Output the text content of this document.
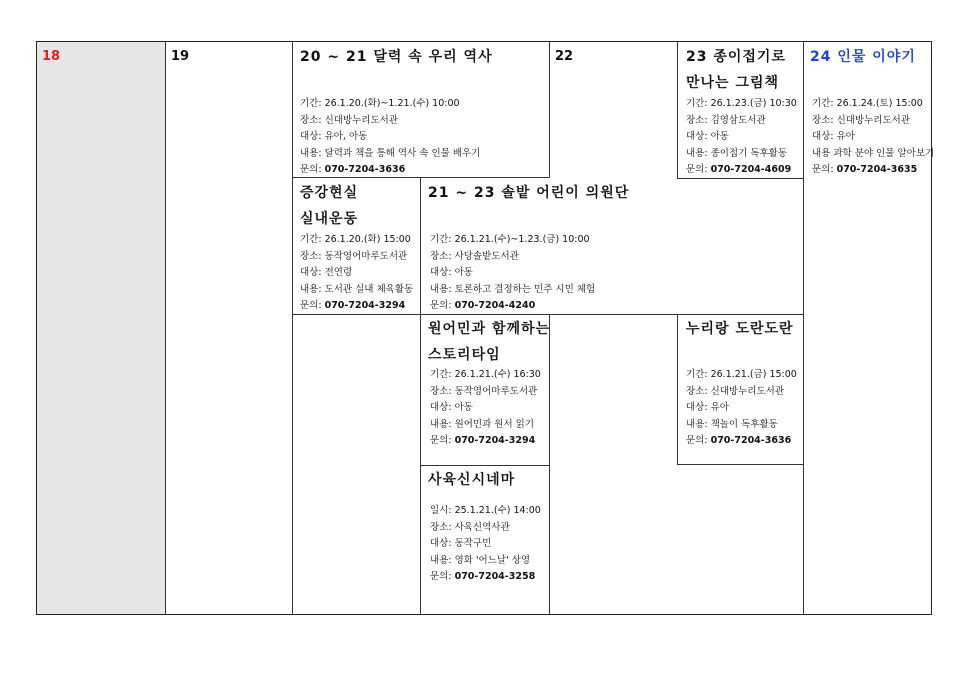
18	19	22
20 ~ 21 달력 속 우리 역사
기간: 26.1.20.(화)~1.21.(수) 10:00
장소: 신대방누리도서관
대상: 유아, 아동
내용: 달력과 책을 통해 역사 속 인물 배우기
문의: 070-7204-3636
23 종이접기로
만나는 그림책
기간: 26.1.23.(금) 10:30
장소: 김영삼도서관
대상: 아동
내용: 종이접기 독후활동
문의: 070-7204-4609
24 인물 이야기
기간: 26.1.24.(토) 15:00
장소: 신대방누리도서관
대상: 유아
내용 과학 분야 인물 알아보기
문의: 070-7204-3635
증강현실
실내운동
기간: 26.1.20.(화) 15:00
장소: 동작영어마루도서관
대상: 전연령
내용: 도서관 실내 체육활동
문의: 070-7204-3294
21 ~ 23 솔밭 어린이 의원단
기간: 26.1.21.(수)~1.23.(금) 10:00
장소: 사당솔밭도서관
대상: 아동
내용: 토론하고 결정하는 민주 시민 체험
문의: 070-7204-4240
원어민과 함께하는
스토리타임
기간: 26.1.21.(수) 16:30
장소: 동작영어마루도서관
대상: 아동
내용: 원어민과 원서 읽기
문의: 070-7204-3294
누리랑 도란도란
기간: 26.1.21.(금) 15:00
장소: 신대방누리도서관
대상: 유아
내용: 책놀이 독후활동
문의: 070-7204-3636
사육신시네마
일시: 25.1.21.(수) 14:00
장소: 사육신역사관
대상: 동작구민
내용: 영화 '어느날' 상영
문의: 070-7204-3258
